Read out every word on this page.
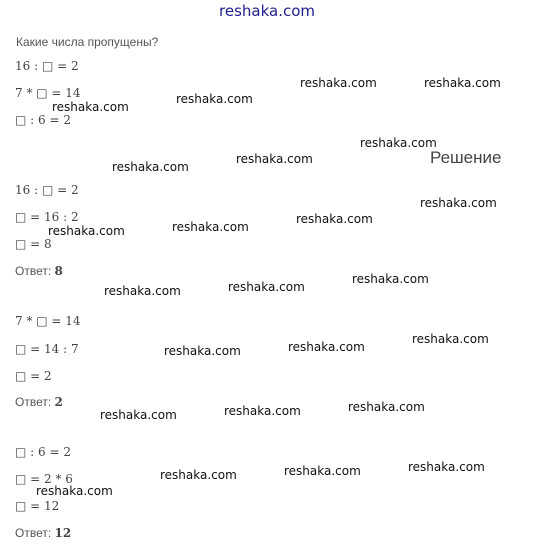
reshaka.com
Какие числа пропущены?
16 : □ = 2
7 * □ = 14
□ : 6 = 2
Решение
16 : □ = 2
□ = 16 : 2
□ = 8
Ответ: 8
7 * □ = 14
□ = 14 : 7
□ = 2
Ответ: 2
□ : 6 = 2
□ = 2 * 6
□ = 12
Ответ: 12
reshaka.com	reshaka.com
reshaka.com
reshaka.com
reshaka.com
reshaka.com
reshaka.com
reshaka.com
reshaka.com
reshaka.com
reshaka.com
reshaka.com
reshaka.com
reshaka.com
reshaka.com
reshaka.com
reshaka.com
reshaka.com
reshaka.com
reshaka.com
reshaka.com
reshaka.com
reshaka.com
reshaka.com
